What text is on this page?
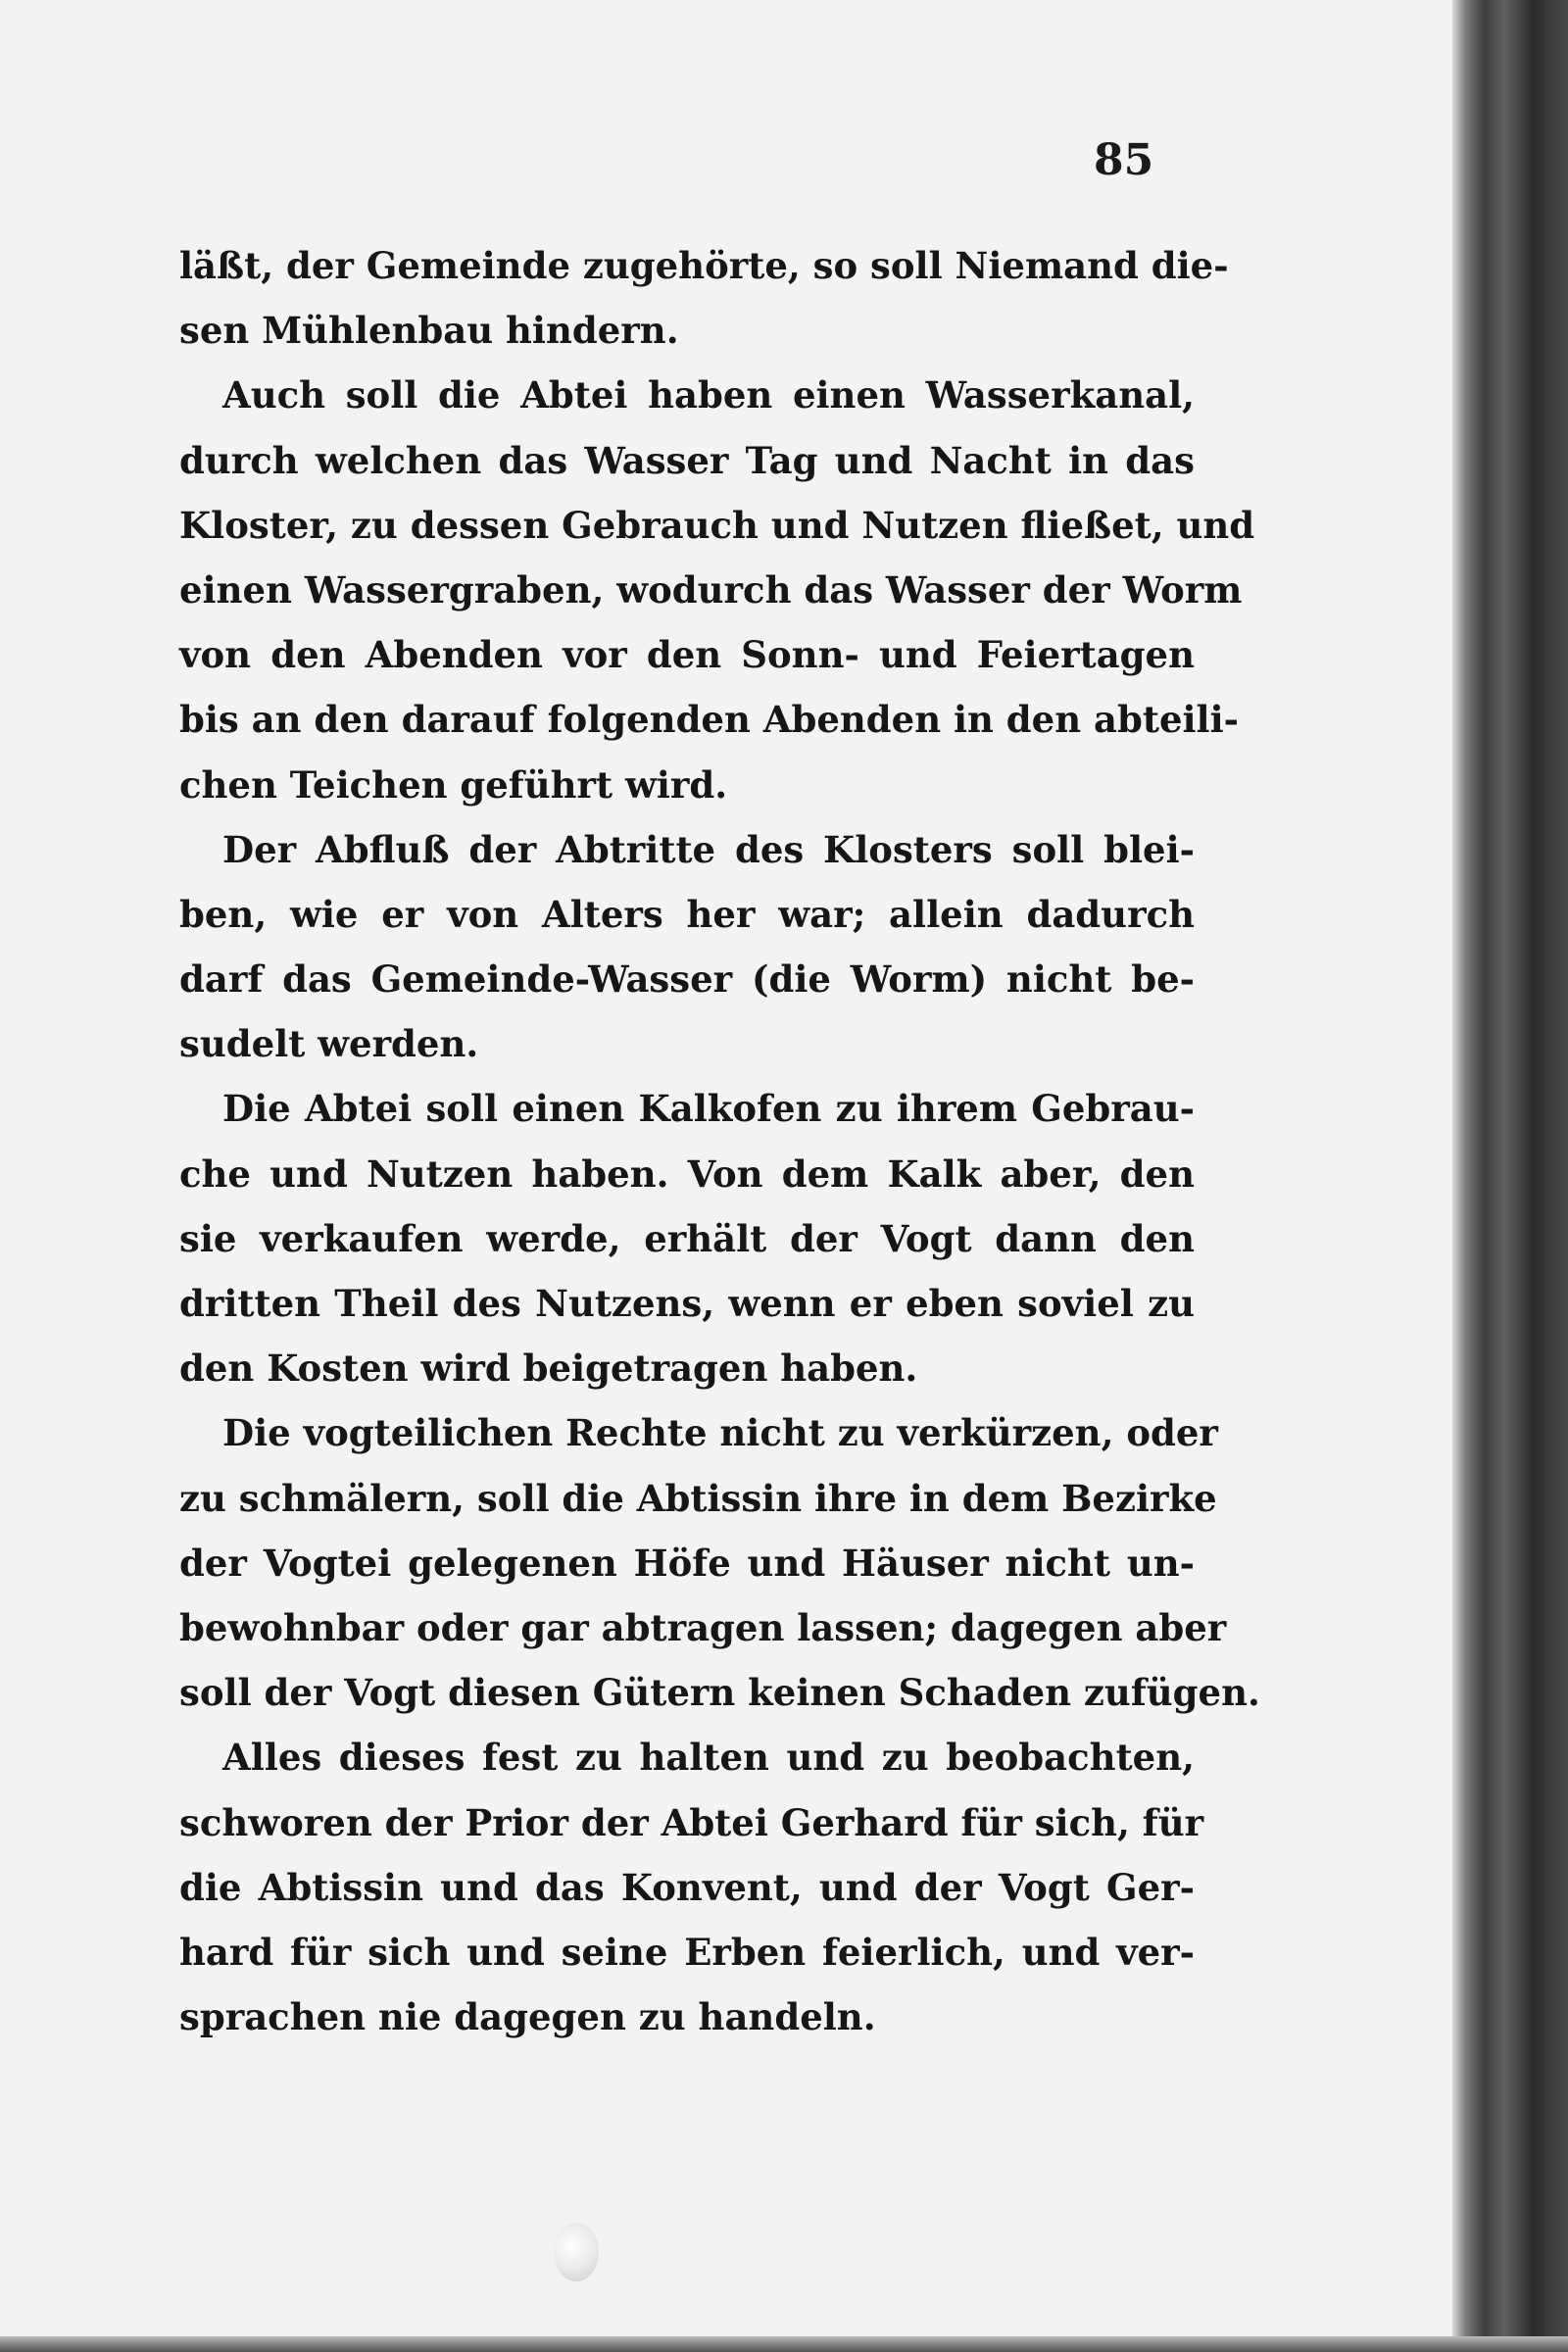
85
läßt, der Gemeinde zugehörte, so soll Niemand die-
sen Mühlenbau hindern.
Auch soll die Abtei haben einen Wasserkanal,
durch welchen das Wasser Tag und Nacht in das
Kloster, zu dessen Gebrauch und Nutzen fließet, und
einen Wassergraben, wodurch das Wasser der Worm
von den Abenden vor den Sonn- und Feiertagen
bis an den darauf folgenden Abenden in den abteili-
chen Teichen geführt wird.
Der Abfluß der Abtritte des Klosters soll blei-
ben, wie er von Alters her war; allein dadurch
darf das Gemeinde-Wasser (die Worm) nicht be-
sudelt werden.
Die Abtei soll einen Kalkofen zu ihrem Gebrau-
che und Nutzen haben. Von dem Kalk aber, den
sie verkaufen werde, erhält der Vogt dann den
dritten Theil des Nutzens, wenn er eben soviel zu
den Kosten wird beigetragen haben.
Die vogteilichen Rechte nicht zu verkürzen, oder
zu schmälern, soll die Abtissin ihre in dem Bezirke
der Vogtei gelegenen Höfe und Häuser nicht un-
bewohnbar oder gar abtragen lassen; dagegen aber
soll der Vogt diesen Gütern keinen Schaden zufügen.
Alles dieses fest zu halten und zu beobachten,
schworen der Prior der Abtei Gerhard für sich, für
die Abtissin und das Konvent, und der Vogt Ger-
hard für sich und seine Erben feierlich, und ver-
sprachen nie dagegen zu handeln.
